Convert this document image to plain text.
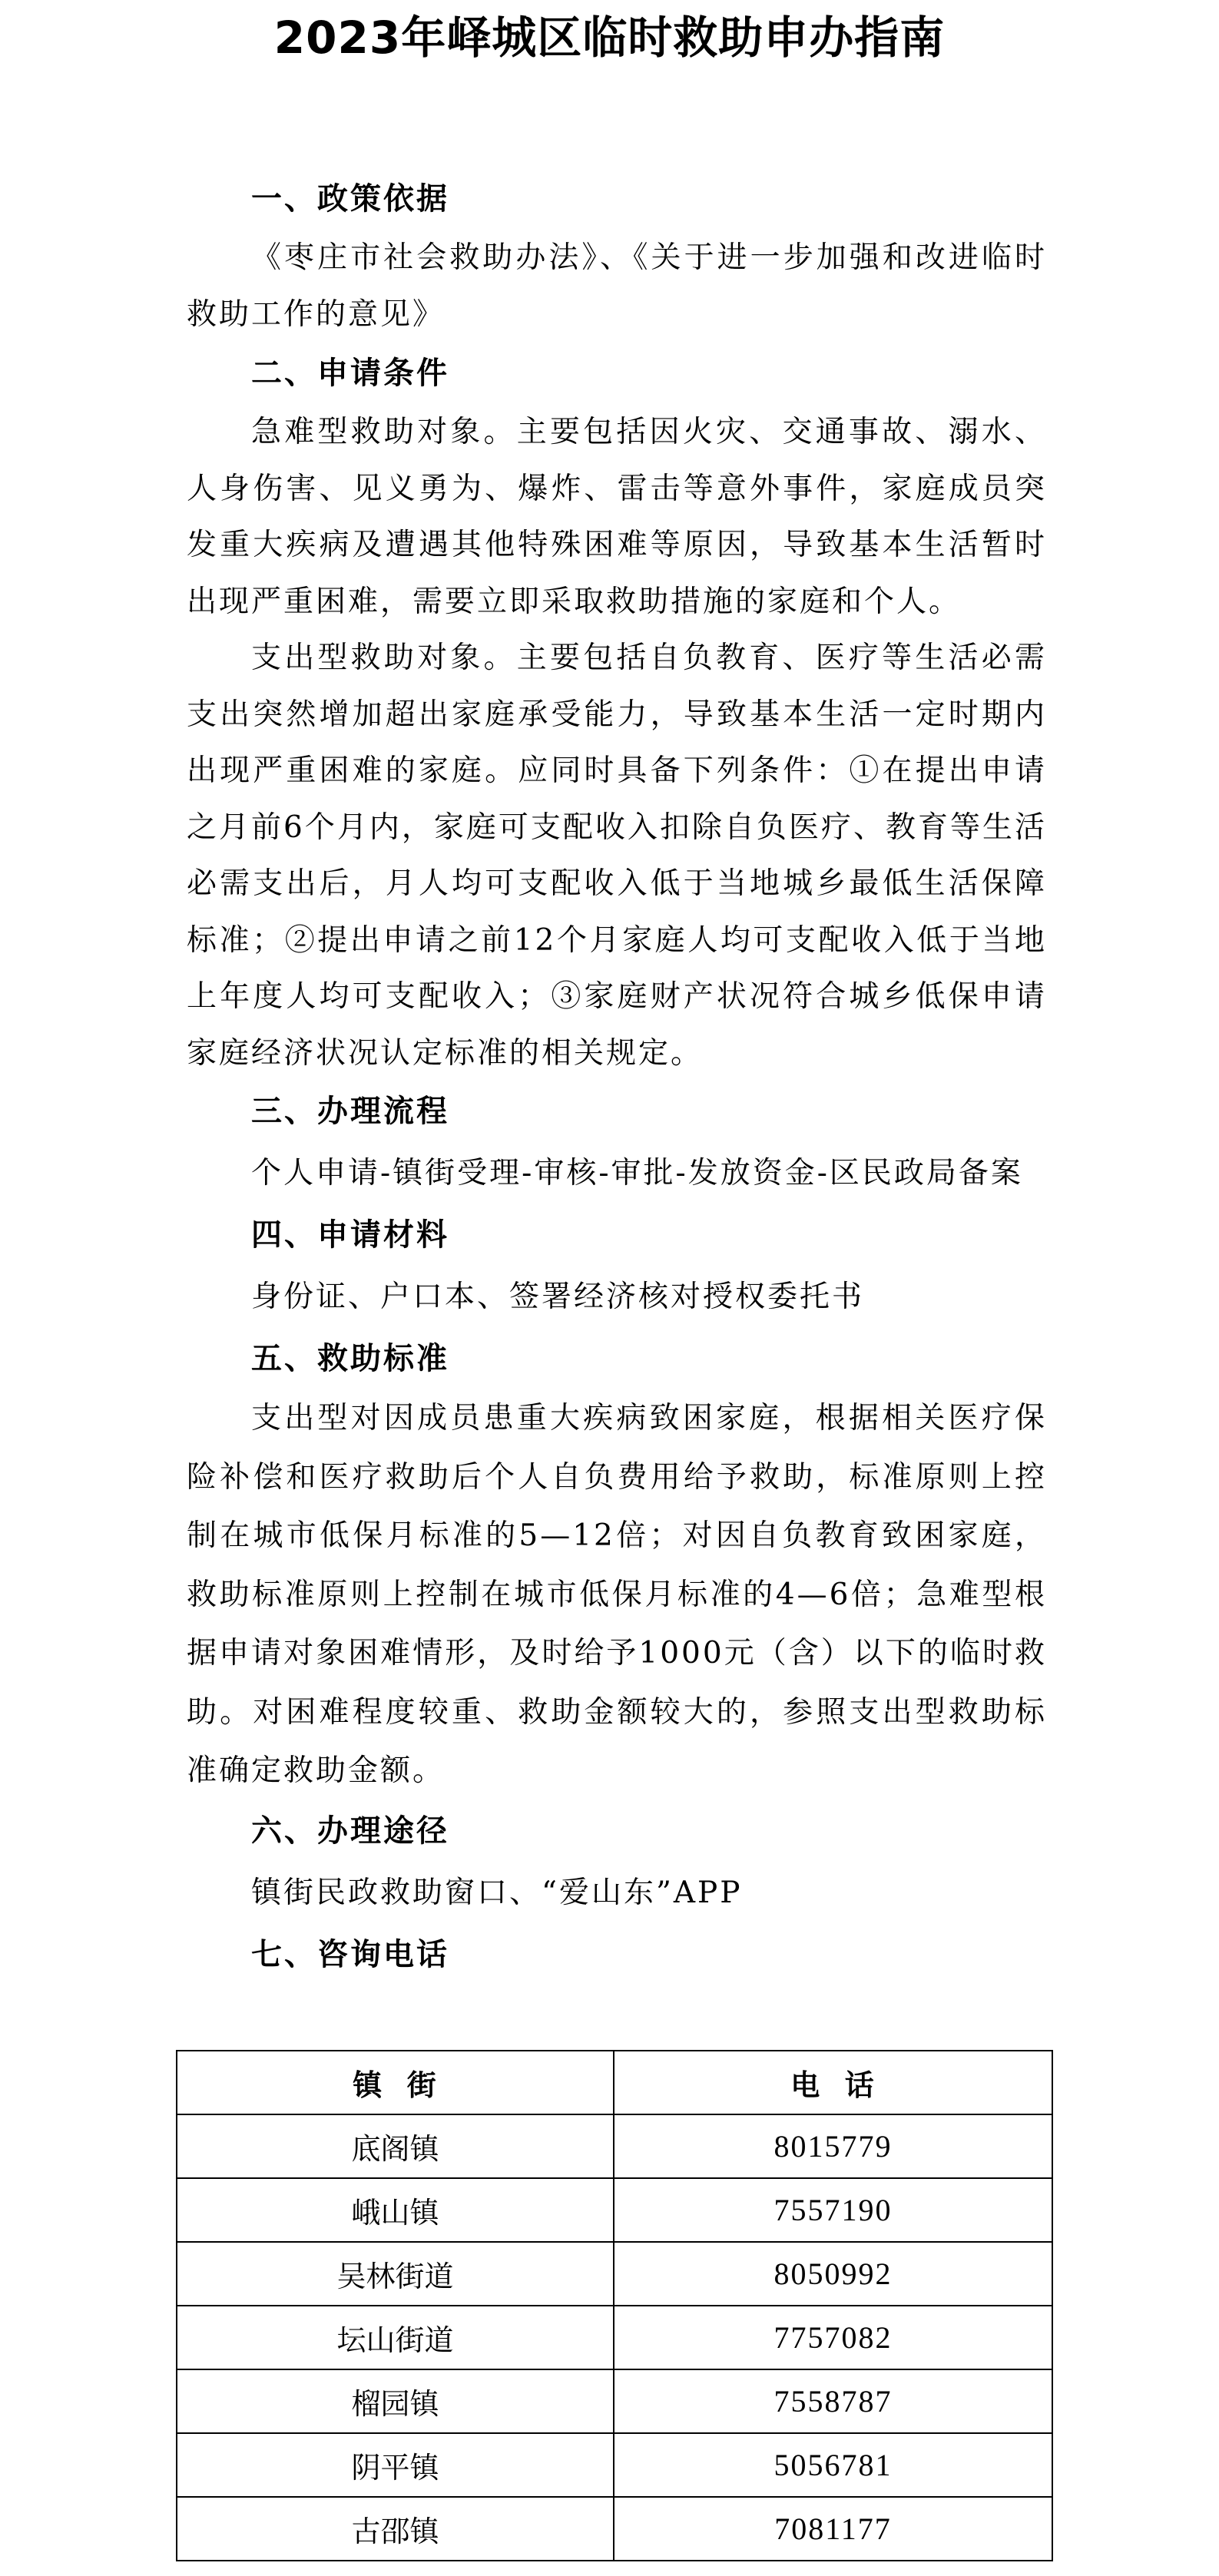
2023年峄城区临时救助申办指南
一、政策依据

《枣庄市社会救助办法》、《关于进一步加强和改进临时救助工作的意见》

二、申请条件

急难型救助对象。主要包括因火灾、交通事故、溺水、人身伤害、见义勇为、爆炸、雷击等意外事件，家庭成员突发重大疾病及遭遇其他特殊困难等原因，导致基本生活暂时出现严重困难，需要立即采取救助措施的家庭和个人。

支出型救助对象。主要包括自负教育、医疗等生活必需支出突然增加超出家庭承受能力，导致基本生活一定时期内出现严重困难的家庭。应同时具备下列条件：①在提出申请之月前6个月内，家庭可支配收入扣除自负医疗、教育等生活必需支出后，月人均可支配收入低于当地城乡最低生活保障标准；②提出申请之前12个月家庭人均可支配收入低于当地上年度人均可支配收入；③家庭财产状况符合城乡低保申请家庭经济状况认定标准的相关规定。

三、办理流程

个人申请-镇街受理-审核-审批-发放资金-区民政局备案

四、申请材料

身份证、户口本、签署经济核对授权委托书

五、救助标准

支出型对因成员患重大疾病致困家庭，根据相关医疗保险补偿和医疗救助后个人自负费用给予救助，标准原则上控制在城市低保月标准的5—12倍；对因自负教育致困家庭，救助标准原则上控制在城市低保月标准的4—6倍；急难型根据申请对象困难情形，及时给予1000元（含）以下的临时救助。对困难程度较重、救助金额较大的，参照支出型救助标准确定救助金额。

六、办理途径

镇街民政救助窗口、“爱山东”APP

七、咨询电话
镇  街	电  话
底阁镇	8015779
峨山镇	7557190
吴林街道	8050992
坛山街道	7757082
榴园镇	7558787
阴平镇	5056781
古邵镇	7081177
